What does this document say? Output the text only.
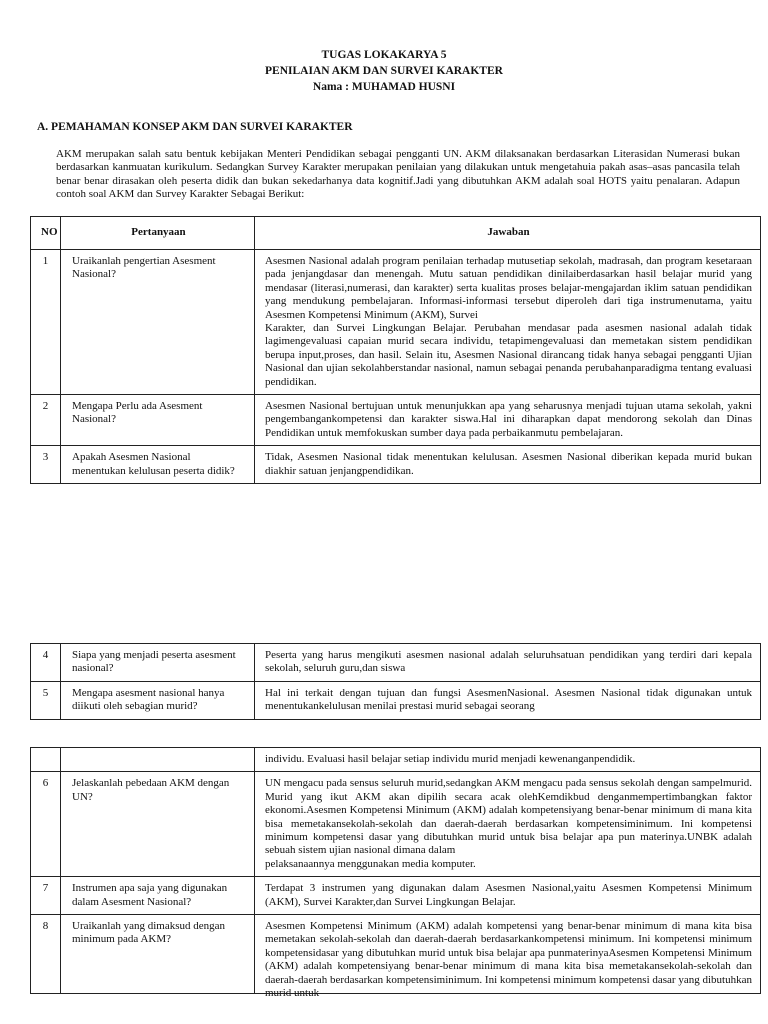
TUGAS LOKAKARYA 5
PENILAIAN AKM DAN SURVEI KARAKTER
Nama : MUHAMAD HUSNI
A. PEMAHAMAN KONSEP AKM DAN SURVEI KARAKTER

AKM merupakan salah satu bentuk kebijakan Menteri Pendidikan sebagai pengganti UN. AKM dilaksanakan berdasarkan Literasidan Numerasi bukan berdasarkan kanmuatan kurikulum. Sedangkan Survey Karakter merupakan penilaian yang dilakukan untuk mengetahuia pakah asas–asas pancasila telah benar benar dirasakan oleh peserta didik dan bukan sekedarhanya data kognitif.Jadi yang dibutuhkan AKM adalah soal HOTS yaitu penalaran. Adapun contoh soal AKM dan Survey Karakter Sebagai Berikut:

NO	Pertanyaan	Jawaban
1	Uraikanlah pengertian Asesment Nasional?	Asesmen Nasional adalah program penilaian terhadap mutusetiap sekolah, madrasah, dan program kesetaraan pada jenjangdasar dan menengah. Mutu satuan pendidikan dinilaiberdasarkan hasil belajar murid yang mendasar (literasi,numerasi, dan karakter) serta kualitas proses belajar-mengajardan iklim satuan pendidikan yang mendukung pembelajaran. Informasi-informasi tersebut diperoleh dari tiga instrumenutama, yaitu Asesmen Kompetensi Minimum (AKM), Survei
Karakter, dan Survei Lingkungan Belajar. Perubahan mendasar pada asesmen nasional adalah tidak lagimengevaluasi capaian murid secara individu, tetapimengevaluasi dan memetakan sistem pendidikan berupa input,proses, dan hasil. Selain itu, Asesmen Nasional dirancang tidak hanya sebagai pengganti Ujian Nasional dan ujian sekolahberstandar nasional, namun sebagai penanda perubahanparadigma tentang evaluasi pendidikan.
2	Mengapa Perlu ada Asesment Nasional?	Asesmen Nasional bertujuan untuk menunjukkan apa yang seharusnya menjadi tujuan utama sekolah, yakni pengembangankompetensi dan karakter siswa.Hal ini diharapkan dapat mendorong sekolah dan Dinas Pendidikan untuk memfokuskan sumber daya pada perbaikanmutu pembelajaran.
3	Apakah Asesmen Nasional menentukan kelulusan peserta didik?	Tidak, Asesmen Nasional tidak menentukan kelulusan. Asesmen Nasional diberikan kepada murid bukan diakhir satuan jenjangpendidikan.
4	Siapa yang menjadi peserta asesment nasional?	Peserta yang harus mengikuti asesmen nasional adalah seluruhsatuan pendidikan yang terdiri dari kepala sekolah, seluruh guru,dan siswa
5	Mengapa asesment nasional hanya diikuti oleh sebagian murid?	Hal ini terkait dengan tujuan dan fungsi AsesmenNasional. Asesmen Nasional tidak digunakan untuk menentukankelulusan menilai prestasi murid sebagai seorang
		individu. Evaluasi hasil belajar setiap individu murid menjadi kewenanganpendidik.
6	Jelaskanlah pebedaan AKM dengan UN?	UN mengacu pada sensus seluruh murid,sedangkan AKM mengacu pada sensus sekolah dengan sampelmurid. Murid yang ikut AKM akan dipilih secara acak olehKemdikbud denganmempertimbangkan faktor ekonomi.Asesmen Kompetensi Minimum (AKM) adalah kompetensiyang benar-benar minimum di mana kita bisa memetakansekolah-sekolah dan daerah-daerah berdasarkan kompetensiminimum. Ini kompetensi minimum kompetensi dasar yang dibutuhkan murid untuk bisa belajar apa pun materinya.UNBK adalah sebuah sistem ujian nasional dimana dalam
pelaksanaannya menggunakan media komputer.
7	Instrumen apa saja yang digunakan dalam Asesment Nasional?	Terdapat 3 instrumen yang digunakan dalam Asesmen Nasional,yaitu Asesmen Kompetensi Minimum (AKM), Survei Karakter,dan Survei Lingkungan Belajar.
8	Uraikanlah yang dimaksud dengan minimum pada AKM?	Asesmen Kompetensi Minimum (AKM) adalah kompetensi yang benar-benar minimum di mana kita bisa memetakan sekolah-sekolah dan daerah-daerah berdasarkankompetensi minimum. Ini kompetensi minimum kompetensidasar yang dibutuhkan murid untuk bisa belajar apa punmaterinyaAsesmen Kompetensi Minimum (AKM) adalah kompetensiyang benar-benar minimum di mana kita bisa memetakansekolah-sekolah dan daerah-daerah berdasarkan kompetensiminimum. Ini kompetensi minimum kompetensi dasar yang dibutuhkan murid untuk
